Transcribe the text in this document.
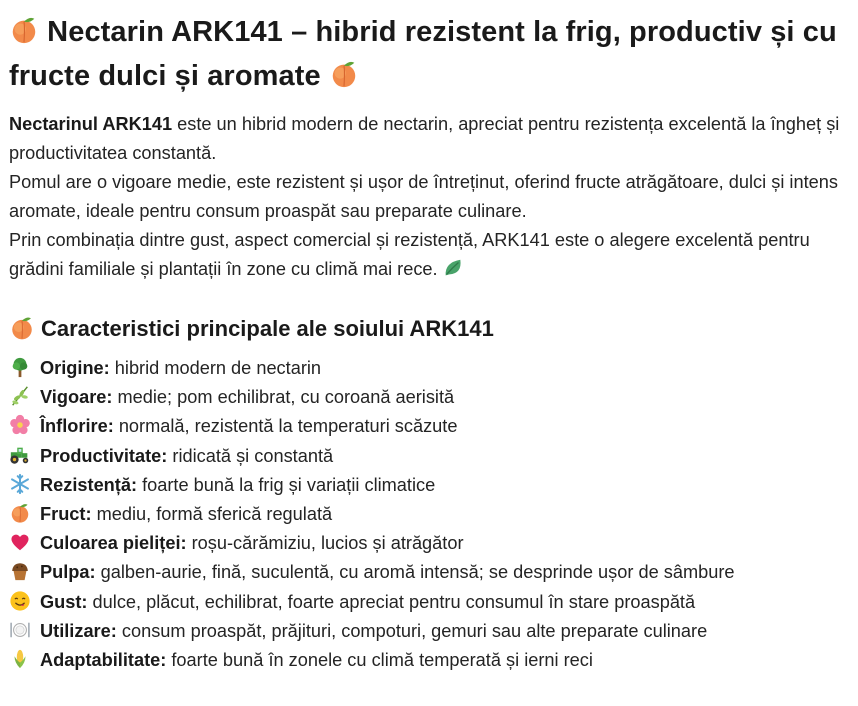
Nectarin ARK141 – hibrid rezistent la frig, productiv și cu fructe dulci și aromate

Nectarinul ARK141 este un hibrid modern de nectarin, apreciat pentru rezistența excelentă la îngheț și productivitatea constantă.

Pomul are o vigoare medie, este rezistent și ușor de întreținut, oferind fructe atrăgătoare, dulci și intens aromate, ideale pentru consum proaspăt sau preparate culinare.

Prin combinația dintre gust, aspect comercial și rezistență, ARK141 este o alegere excelentă pentru grădini familiale și plantații în zone cu climă mai rece.

Caracteristici principale ale soiului ARK141
Origine: hibrid modern de nectarin
Vigoare: medie; pom echilibrat, cu coroană aerisită
Înflorire: normală, rezistentă la temperaturi scăzute
Productivitate: ridicată și constantă
Rezistență: foarte bună la frig și variații climatice
Fruct: mediu, formă sferică regulată
Culoarea pieliței: roșu-cărămiziu, lucios și atrăgător
Pulpa: galben-aurie, fină, suculentă, cu aromă intensă; se desprinde ușor de sâmbure
Gust: dulce, plăcut, echilibrat, foarte apreciat pentru consumul în stare proaspătă
Utilizare: consum proaspăt, prăjituri, compoturi, gemuri sau alte preparate culinare
Adaptabilitate: foarte bună în zonele cu climă temperată și ierni reci
